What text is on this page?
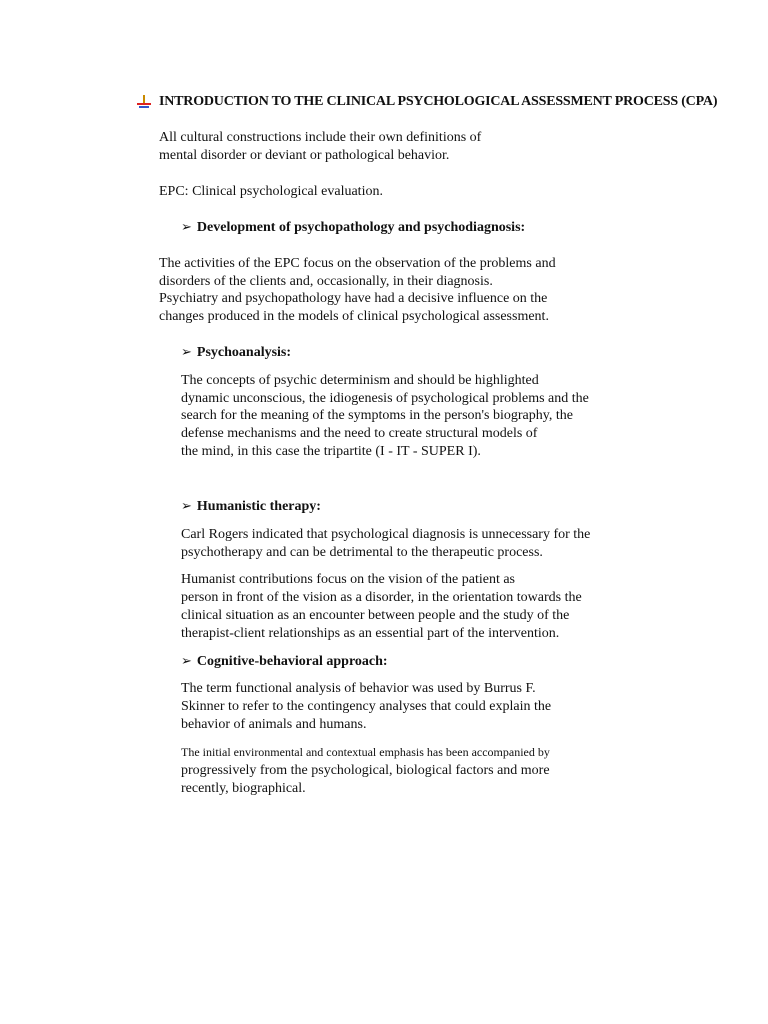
INTRODUCTION TO THE CLINICAL PSYCHOLOGICAL ASSESSMENT PROCESS (CPA)
All cultural constructions include their own definitions of
mental disorder or deviant or pathological behavior.
EPC: Clinical psychological evaluation.
➢ Development of psychopathology and psychodiagnosis:
The activities of the EPC focus on the observation of the problems and
disorders of the clients and, occasionally, in their diagnosis.
Psychiatry and psychopathology have had a decisive influence on the
changes produced in the models of clinical psychological assessment.
➢ Psychoanalysis:
The concepts of psychic determinism and should be highlighted
dynamic unconscious, the idiogenesis of psychological problems and the
search for the meaning of the symptoms in the person's biography, the
defense mechanisms and the need to create structural models of
the mind, in this case the tripartite (I - IT - SUPER I).
➢ Humanistic therapy:
Carl Rogers indicated that psychological diagnosis is unnecessary for the
psychotherapy and can be detrimental to the therapeutic process.
Humanist contributions focus on the vision of the patient as
person in front of the vision as a disorder, in the orientation towards the
clinical situation as an encounter between people and the study of the
therapist-client relationships as an essential part of the intervention.
➢ Cognitive-behavioral approach:
The term functional analysis of behavior was used by Burrus F.
Skinner to refer to the contingency analyses that could explain the
behavior of animals and humans.
The initial environmental and contextual emphasis has been accompanied by
progressively from the psychological, biological factors and more
recently, biographical.
